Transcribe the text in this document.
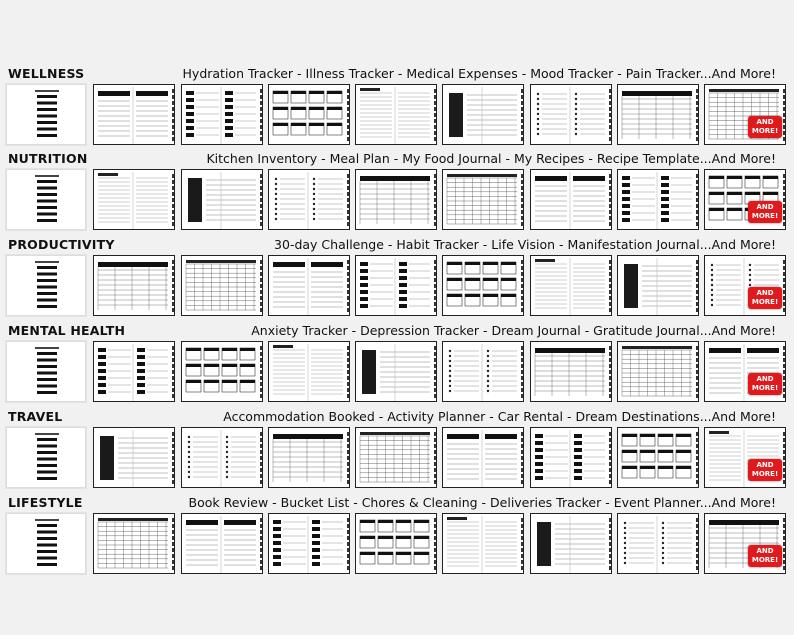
WELLNESS	Hydration Tracker - Illness Tracker - Medical Expenses - Mood Tracker - Pain Tracker...And More!
AND
MORE!
NUTRITION	Kitchen Inventory - Meal Plan - My Food Journal - My Recipes - Recipe Template...And More!
AND
MORE!
PRODUCTIVITY	30-day Challenge - Habit Tracker - Life Vision - Manifestation Journal...And More!
AND
MORE!
MENTAL HEALTH	Anxiety Tracker - Depression Tracker - Dream Journal - Gratitude Journal...And More!
AND
MORE!
TRAVEL	Accommodation Booked - Activity Planner - Car Rental - Dream Destinations...And More!
AND
MORE!
LIFESTYLE	Book Review - Bucket List - Chores & Cleaning - Deliveries Tracker - Event Planner...And More!
AND
MORE!
